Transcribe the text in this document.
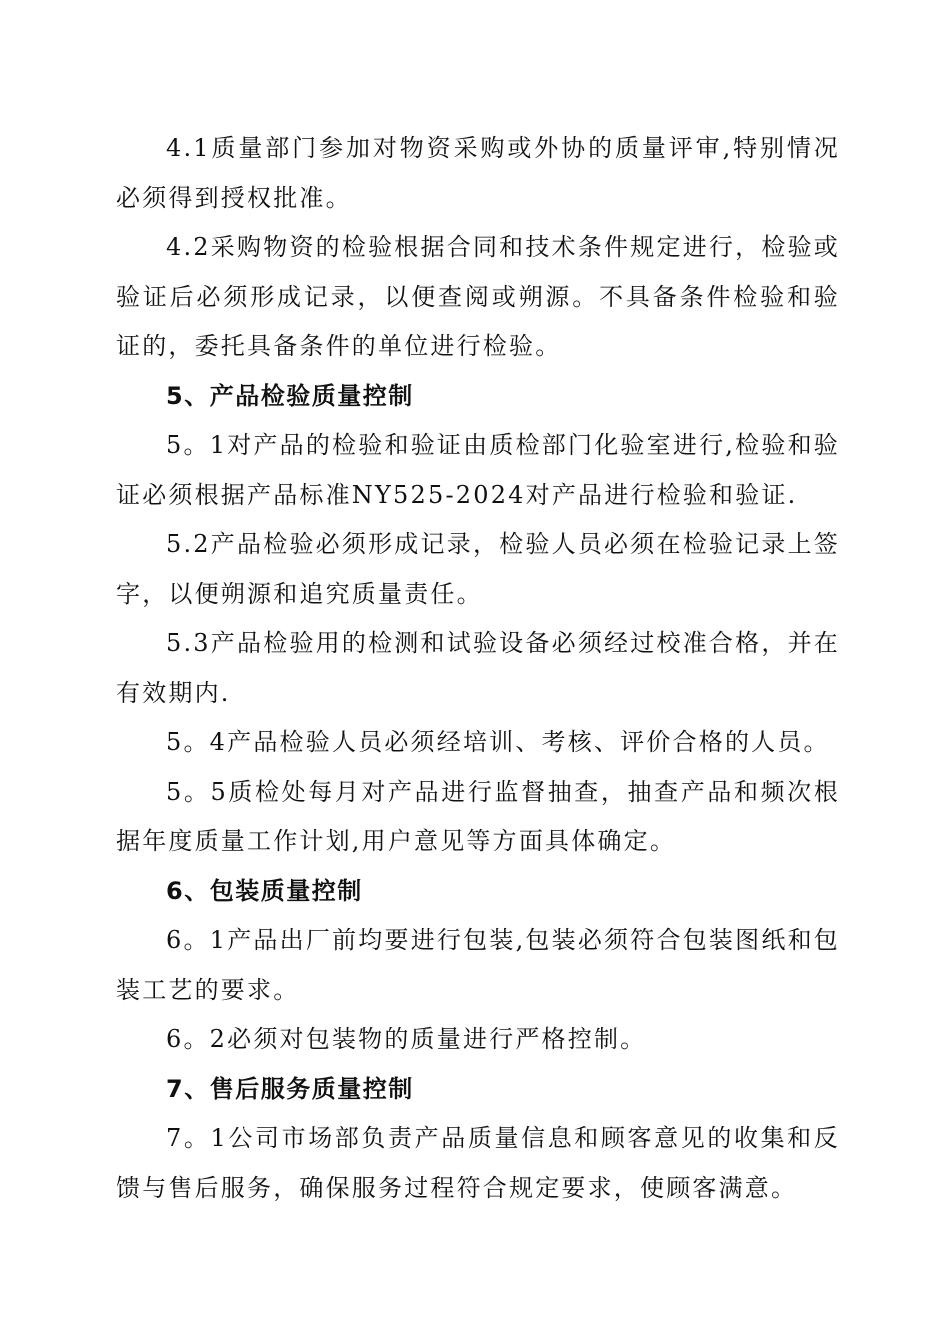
4.1质量部门参加对物资采购或外协的质量评审,特别情况必须得到授权批准。

4.2采购物资的检验根据合同和技术条件规定进行，检验或验证后必须形成记录，以便查阅或朔源。不具备条件检验和验证的，委托具备条件的单位进行检验。

5、产品检验质量控制

5。1对产品的检验和验证由质检部门化验室进行,检验和验证必须根据产品标准NY525-2024对产品进行检验和验证.

5.2产品检验必须形成记录，检验人员必须在检验记录上签字，以便朔源和追究质量责任。

5.3产品检验用的检测和试验设备必须经过校准合格，并在有效期内.

5。4产品检验人员必须经培训、考核、评价合格的人员。

5。5质检处每月对产品进行监督抽查，抽查产品和频次根据年度质量工作计划,用户意见等方面具体确定。

6、包装质量控制

6。1产品出厂前均要进行包装,包装必须符合包装图纸和包装工艺的要求。

6。2必须对包装物的质量进行严格控制。

7、售后服务质量控制

7。1公司市场部负责产品质量信息和顾客意见的收集和反馈与售后服务，确保服务过程符合规定要求，使顾客满意。
